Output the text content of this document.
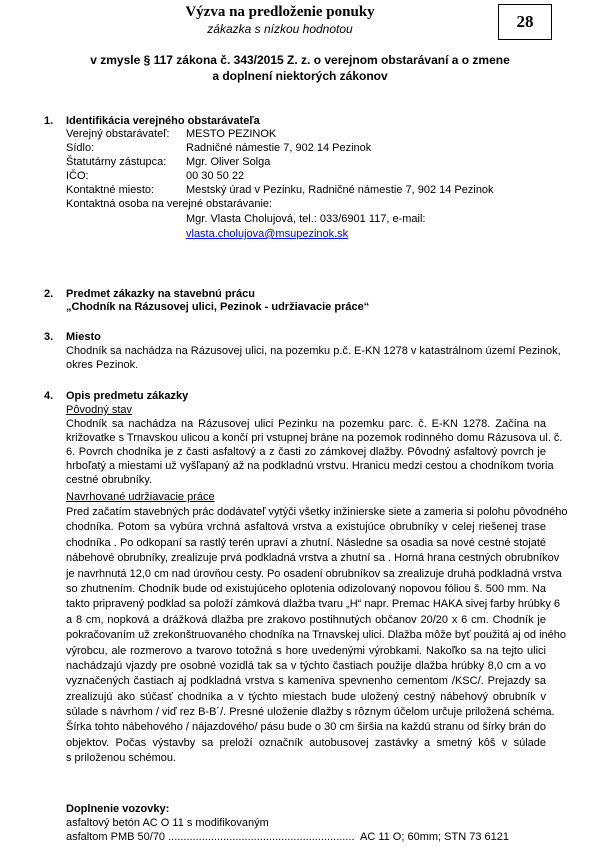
Výzva na predloženie ponuky
zákazka s nízkou hodnotou	28
v zmysle § 117 zákona č. 343/2015 Z. z. o verejnom obstarávaní a o zmene
a doplnení niektorých zákonov
1. Identifikácia verejného obstarávateľa
Verejný obstarávateľ: MESTO PEZINOK
Sídlo:	Radničné námestie 7, 902 14 Pezinok
Štatutárny zástupca: Mgr. Oliver Solga
IČO:	00 30 50 22
Kontaktné miesto:	Mestský úrad v Pezinku, Radničné námestie 7, 902 14 Pezinok
Kontaktná osoba na verejné obstarávanie:
Mgr. Vlasta Cholujová, tel.: 033/6901 117, e-mail:
vlasta.cholujova@msupezinok.sk
2. Predmet zákazky na stavebnú prácu
„Chodník na Rázusovej ulici, Pezinok - udržiavacie práce“
3. Miesto
Chodník sa nachádza na Rázusovej ulici, na pozemku p.č. E-KN 1278 v katastrálnom území Pezinok,
okres Pezinok.
4. Opis predmetu zákazky
Pôvodný stav
Chodník sa nachádza na Rázusovej ulici Pezinku na pozemku parc. č. E-KN 1278. Začína na
križovatke s Trnavskou ulicou a končí pri vstupnej bráne na pozemok rodinného domu Rázusova ul. č.
6. Povrch chodníka je z časti asfaltový a z časti zo zámkovej dlažby. Pôvodný asfaltový povrch je
hrboľatý a miestami už vyšľapaný až na podkladnú vrstvu. Hranicu medzi cestou a chodníkom tvoria
cestné obrubníky.
Navrhované udržiavacie práce
Pred začatím stavebných prác dodávateľ vytýči všetky inžinierske siete a zameria si polohu pôvodného
chodníka. Potom sa vybúra vrchná asfaltová vrstva a existujúce obrubníky v celej riešenej trase
chodníka . Po odkopaní sa rastlý terén upraví a zhutní. Následne sa osadia sa nové cestné stojaté
nábehové obrubníky, zrealizuje prvá podkladná vrstva a zhutní sa . Horná hrana cestných obrubníkov
je navrhnutá 12,0 cm nad úrovňou cesty. Po osadení obrubníkov sa zrealizuje druhá podkladná vrstva
so zhutnením. Chodník bude od existujúceho oplotenia odizolovaný nopovou fóliou š. 500 mm. Na
takto pripravený podklad sa položí zámková dlažba tvaru „H“ napr. Premac HAKA sivej farby hrúbky 6
a 8 cm, nopková a drážková dlažba pre zrakovo postihnutých občanov 20/20 x 6 cm. Chodník je
pokračovaním už zrekonštruovaného chodníka na Trnavskej ulici. Dlažba môže byť použitá aj od iného
výrobcu, ale rozmerovo a tvarovo totožná s hore uvedenými výrobkami. Nakoľko sa na tejto ulici
nachádzajú vjazdy pre osobné vozidlá tak sa v týchto častiach použije dlažba hrúbky 8,0 cm a vo
vyznačených častiach aj podkladná vrstva s kameniva spevnenho cementom /KSC/. Prejazdy sa
zrealizujú ako súčasť chodníka a v týchto miestach bude uložený cestný nábehový obrubník v
súlade s návrhom / viď rez B-B´/. Presné uloženie dlažby s rôznym účelom určuje priložená schéma.
Šírka tohto nábehového / nájazdového/ pásu bude o 30 cm širšia na každú stranu od šírky brán do
objektov. Počas výstavby sa preloží označník autobusovej zastávky a smetný kôš v súlade
s priloženou schémou.
Doplnenie vozovky:
asfaltový betón AC O 11 s modifikovaným
asfaltom PMB 50/70 ............................................................. AC 11 O; 60mm; STN 73 6121
